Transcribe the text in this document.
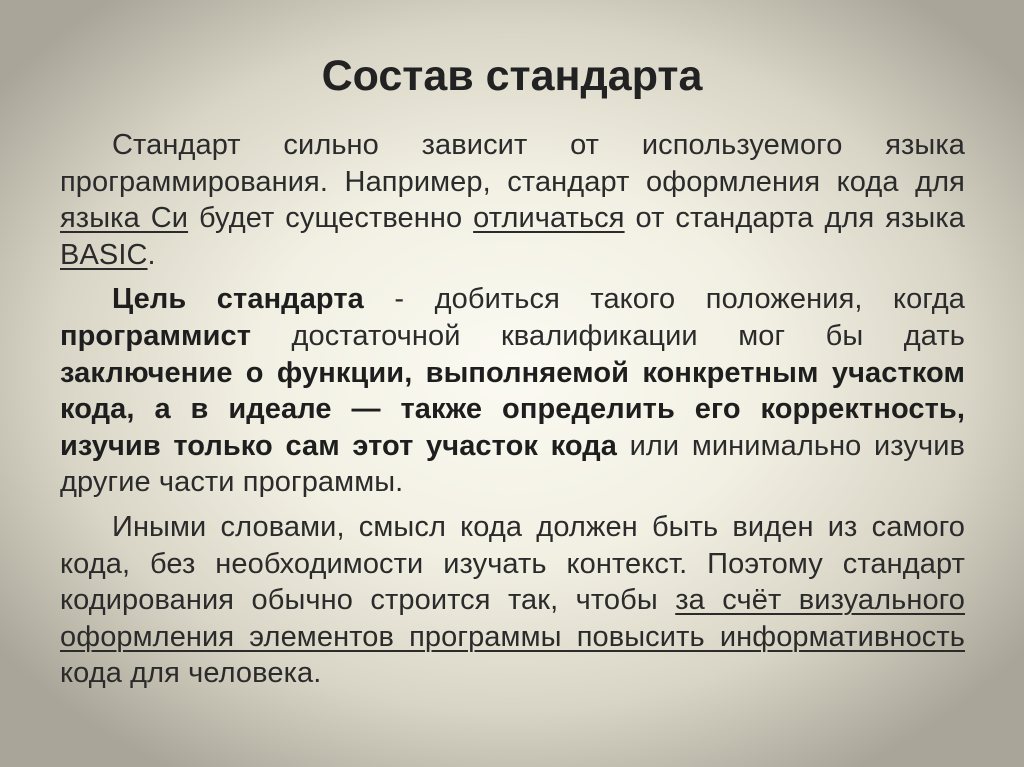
Состав стандарта

Стандарт сильно зависит от используемого языка программирования. Например, стандарт оформления кода для языка Си будет существенно отличаться от стандарта для языка BASIC.

Цель стандарта - добиться такого положения, когда программист достаточной квалификации мог бы дать заключение о функции, выполняемой конкретным участком кода, а в идеале — также определить его корректность, изучив только сам этот участок кода или минимально изучив другие части программы.

Иными словами, смысл кода должен быть виден из самого кода, без необходимости изучать контекст. Поэтому стандарт кодирования обычно строится так, чтобы за счёт визуального оформления элементов программы повысить информативность кода для человека.
